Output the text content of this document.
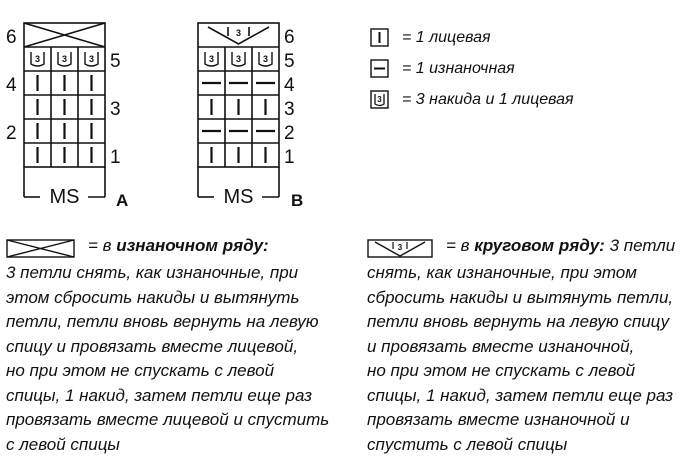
3 3 3
6
4
2
5
3
1
MS A
3
3 3 3
6
5
4
3
2
1
MS B
= 1 лицевая
= 1 изнаночная
3 = 3 накида и 1 лицевая
= в изнаночном ряду:
3 петли снять, как изнаночные, при
этом сбросить накиды и вытянуть
петли, петли вновь вернуть на левую
спицу и провязать вместе лицевой,
но при этом не спускать с левой
спицы, 1 накид, затем петли еще раз
провязать вместе лицевой и спустить
с левой спицы
3	= в круговом ряду: 3 петли
снять, как изнаночные, при этом
сбросить накиды и вытянуть петли,
петли вновь вернуть на левую спицу
и провязать вместе изнаночной,
но при этом не спускать с левой
спицы, 1 накид, затем петли еще раз
провязать вместе изнаночной и
спустить с левой спицы
